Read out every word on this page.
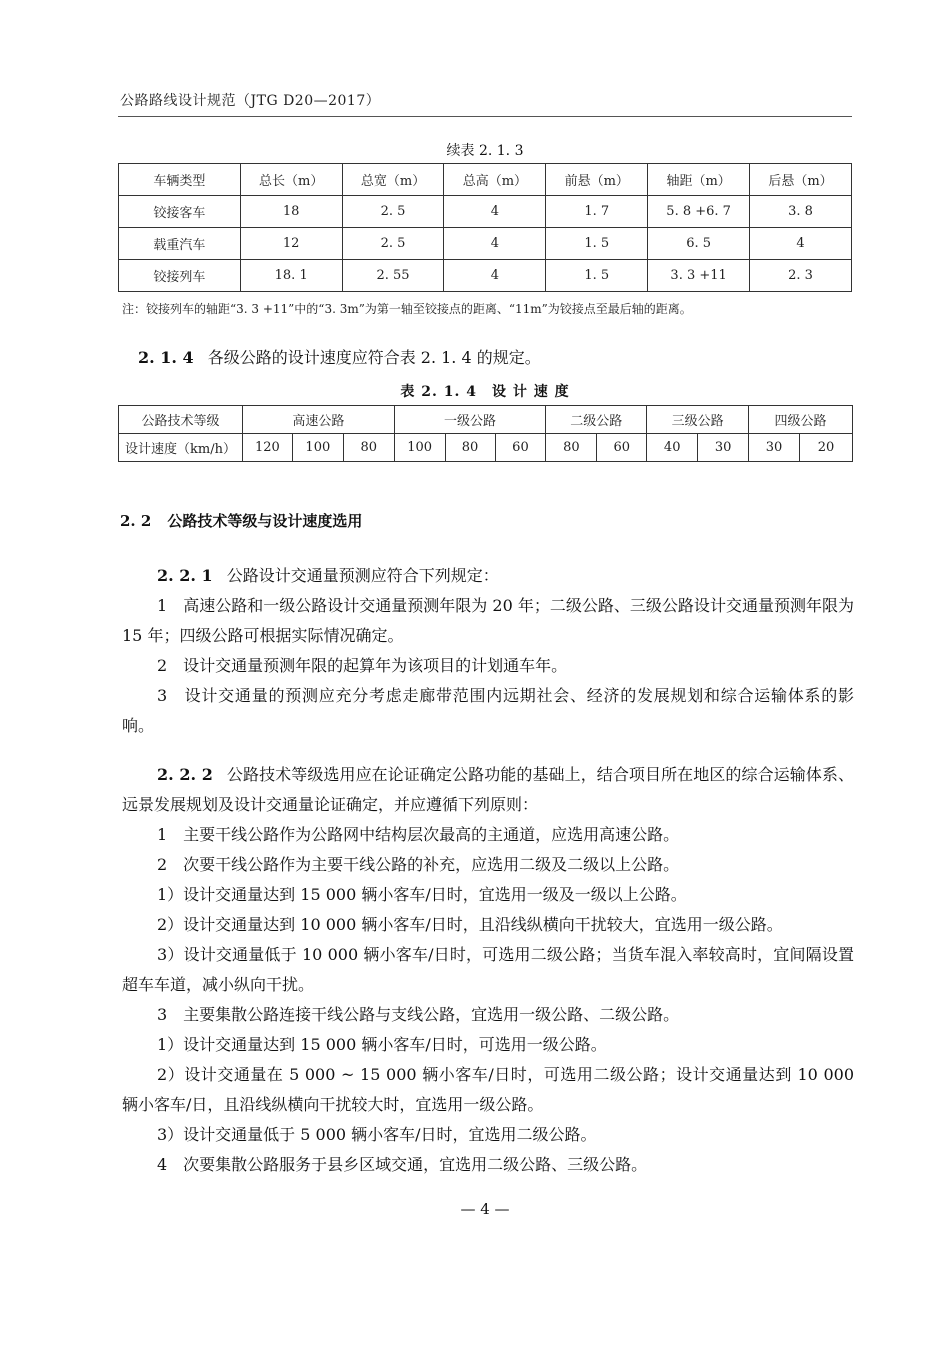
公路路线设计规范（JTG D20—2017）
续表 2. 1. 3
车辆类型	总长（m）	总宽（m）	总高（m）	前悬（m）	轴距（m）	后悬（m）
铰接客车	18	2. 5	4	1. 7	5. 8 +6. 7	3. 8
载重汽车	12	2. 5	4	1. 5	6. 5	4
铰接列车	18. 1	2. 55	4	1. 5	3. 3 +11	2. 3
注：铰接列车的轴距“3. 3 +11”中的“3. 3m”为第一轴至铰接点的距离、“11m”为铰接点至最后轴的距离。
2. 1. 4 各级公路的设计速度应符合表 2. 1. 4 的规定。
表 2. 1. 4　设 计 速 度
公路技术等级	高速公路			一级公路			二级公路		三级公路		四级公路	
设计速度（km/h）	120	100	80	100	80	60	80	60	40	30	30	20
2. 2 公路技术等级与设计速度选用
2. 2. 1 公路设计交通量预测应符合下列规定：
1　高速公路和一级公路设计交通量预测年限为 20 年；二级公路、三级公路设计交通量预测年限为 15 年；四级公路可根据实际情况确定。
2　设计交通量预测年限的起算年为该项目的计划通车年。
3　设计交通量的预测应充分考虑走廊带范围内远期社会、经济的发展规划和综合运输体系的影响。
2. 2. 2 公路技术等级选用应在论证确定公路功能的基础上，结合项目所在地区的综合运输体系、远景发展规划及设计交通量论证确定，并应遵循下列原则：
1　主要干线公路作为公路网中结构层次最高的主通道，应选用高速公路。
2　次要干线公路作为主要干线公路的补充，应选用二级及二级以上公路。
1）设计交通量达到 15 000 辆小客车/日时，宜选用一级及一级以上公路。
2）设计交通量达到 10 000 辆小客车/日时，且沿线纵横向干扰较大，宜选用一级公路。
3）设计交通量低于 10 000 辆小客车/日时，可选用二级公路；当货车混入率较高时，宜间隔设置超车车道，减小纵向干扰。
3　主要集散公路连接干线公路与支线公路，宜选用一级公路、二级公路。
1）设计交通量达到 15 000 辆小客车/日时，可选用一级公路。
2）设计交通量在 5 000 ~ 15 000 辆小客车/日时，可选用二级公路；设计交通量达到 10 000 辆小客车/日，且沿线纵横向干扰较大时，宜选用一级公路。
3）设计交通量低于 5 000 辆小客车/日时，宜选用二级公路。
4　次要集散公路服务于县乡区域交通，宜选用二级公路、三级公路。
— 4 —
